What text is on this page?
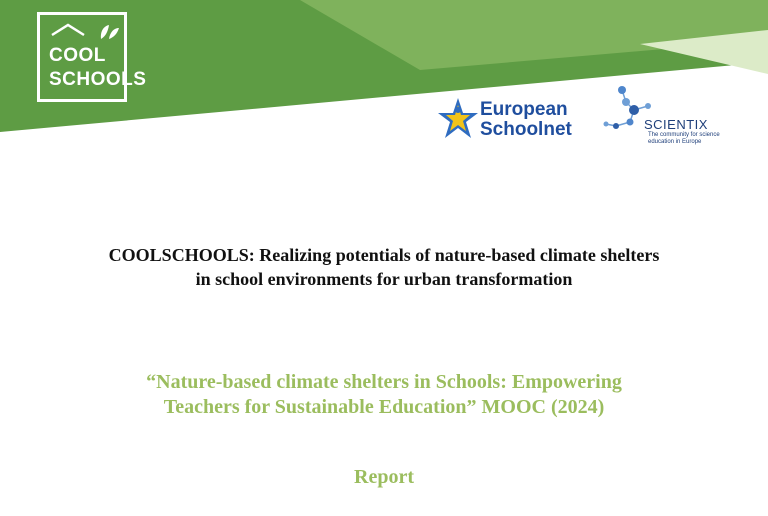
COOL
SCHOOLS
European
Schoolnet	SCIENTIX
The community for science education in Europe
COOLSCHOOLS: Realizing potentials of nature-based climate shelters
in school environments for urban transformation
“Nature-based climate shelters in Schools: Empowering
Teachers for Sustainable Education” MOOC (2024)
Report
